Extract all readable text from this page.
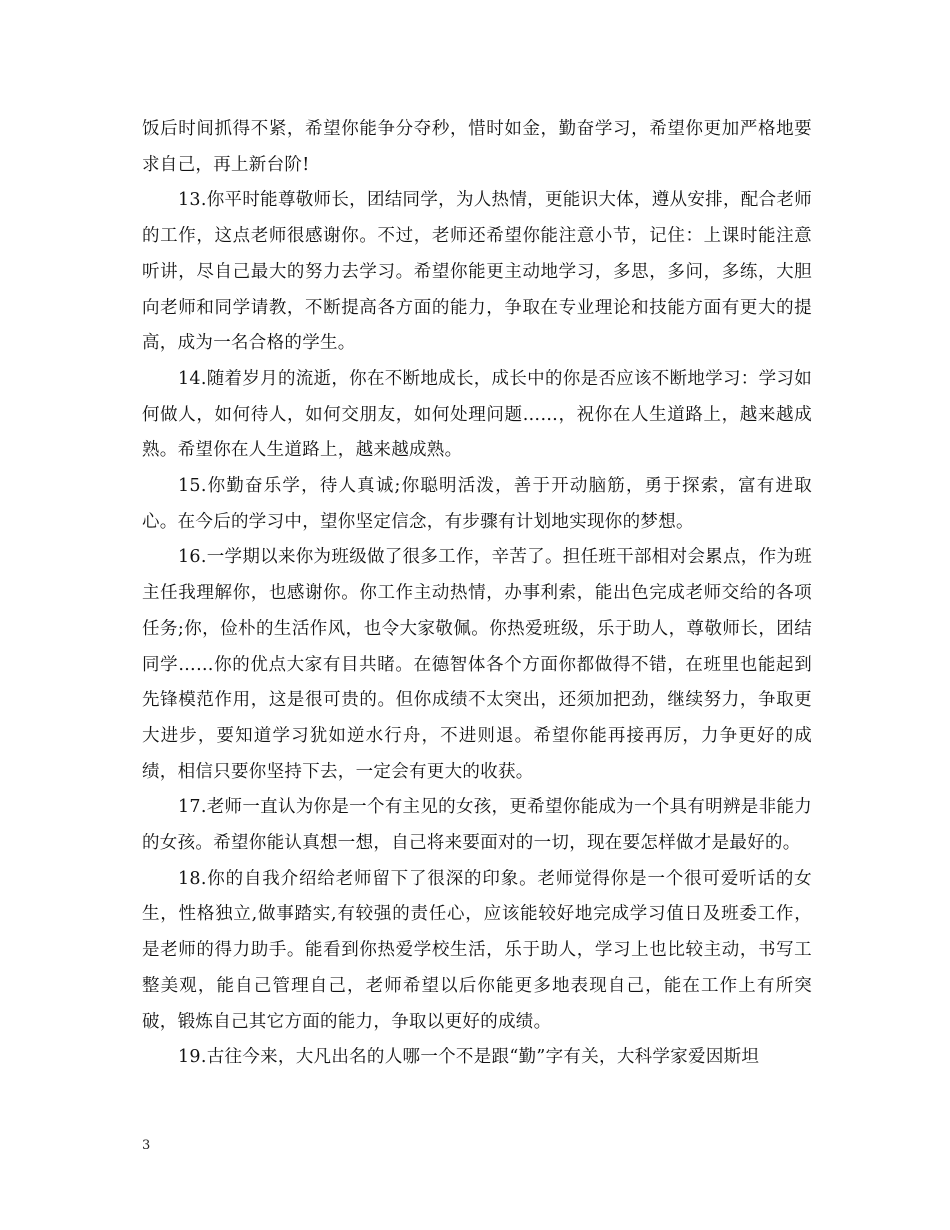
饭后时间抓得不紧，希望你能争分夺秒，惜时如金，勤奋学习，希望你更加严格地要求自己，再上新台阶!

13.你平时能尊敬师长，团结同学，为人热情，更能识大体，遵从安排，配合老师的工作，这点老师很感谢你。不过，老师还希望你能注意小节，记住：上课时能注意听讲，尽自己最大的努力去学习。希望你能更主动地学习，多思，多问，多练，大胆向老师和同学请教，不断提高各方面的能力，争取在专业理论和技能方面有更大的提高，成为一名合格的学生。

14.随着岁月的流逝，你在不断地成长，成长中的你是否应该不断地学习：学习如何做人，如何待人，如何交朋友，如何处理问题……，祝你在人生道路上，越来越成熟。希望你在人生道路上，越来越成熟。

15.你勤奋乐学，待人真诚;你聪明活泼，善于开动脑筋，勇于探索，富有进取心。在今后的学习中，望你坚定信念，有步骤有计划地实现你的梦想。

16.一学期以来你为班级做了很多工作，辛苦了。担任班干部相对会累点，作为班主任我理解你，也感谢你。你工作主动热情，办事利索，能出色完成老师交给的各项任务;你，俭朴的生活作风，也令大家敬佩。你热爱班级，乐于助人，尊敬师长，团结同学……你的优点大家有目共睹。在德智体各个方面你都做得不错，在班里也能起到先锋模范作用，这是很可贵的。但你成绩不太突出，还须加把劲，继续努力，争取更大进步，要知道学习犹如逆水行舟，不进则退。希望你能再接再厉，力争更好的成绩，相信只要你坚持下去，一定会有更大的收获。

17.老师一直认为你是一个有主见的女孩，更希望你能成为一个具有明辨是非能力的女孩。希望你能认真想一想，自己将来要面对的一切，现在要怎样做才是最好的。

18.你的自我介绍给老师留下了很深的印象。老师觉得你是一个很可爱听话的女生，性格独立,做事踏实,有较强的责任心，应该能较好地完成学习值日及班委工作，是老师的得力助手。能看到你热爱学校生活，乐于助人，学习上也比较主动，书写工整美观，能自己管理自己，老师希望以后你能更多地表现自己，能在工作上有所突破，锻炼自己其它方面的能力，争取以更好的成绩。

19.古往今来，大凡出名的人哪一个不是跟“勤”字有关，大科学家爱因斯坦

3
